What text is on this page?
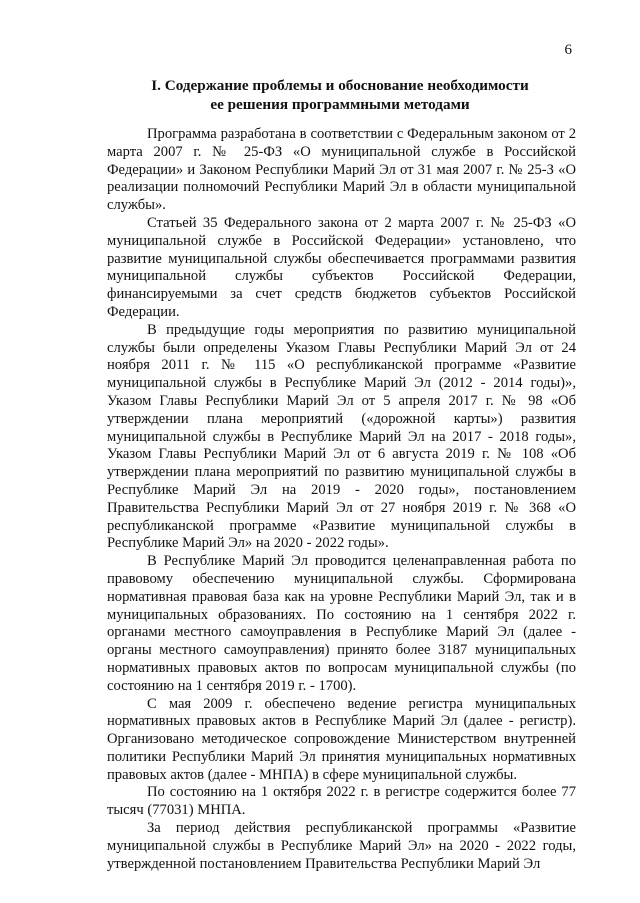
6
I. Содержание проблемы и обоснование необходимости
ее решения программными методами

Программа разработана в соответствии с Федеральным законом от 2 марта 2007 г. № 25-ФЗ «О муниципальной службе в Российской Федерации» и Законом Республики Марий Эл от 31 мая 2007 г. № 25-З «О реализации полномочий Республики Марий Эл в области муниципальной службы».

Статьей 35 Федерального закона от 2 марта 2007 г. № 25-ФЗ «О муниципальной службе в Российской Федерации» установлено, что развитие муниципальной службы обеспечивается программами развития муниципальной службы субъектов Российской Федерации, финансируемыми за счет средств бюджетов субъектов Российской Федерации.

В предыдущие годы мероприятия по развитию муниципальной службы были определены Указом Главы Республики Марий Эл от 24 ноября 2011 г. № 115 «О республиканской программе «Развитие муниципальной службы в Республике Марий Эл (2012 - 2014 годы)», Указом Главы Республики Марий Эл от 5 апреля 2017 г. № 98 «Об утверждении плана мероприятий («дорожной карты») развития муниципальной службы в Республике Марий Эл на 2017 - 2018 годы», Указом Главы Республики Марий Эл от 6 августа 2019 г. № 108 «Об утверждении плана мероприятий по развитию муниципальной службы в Республике Марий Эл на 2019 - 2020 годы», постановлением Правительства Республики Марий Эл от 27 ноября 2019 г. № 368 «О республиканской программе «Развитие муниципальной службы в Республике Марий Эл» на 2020 - 2022 годы».

В Республике Марий Эл проводится целенаправленная работа по правовому обеспечению муниципальной службы. Сформирована нормативная правовая база как на уровне Республики Марий Эл, так и в муниципальных образованиях. По состоянию на 1 сентября 2022 г. органами местного самоуправления в Республике Марий Эл (далее - органы местного самоуправления) принято более 3187 муниципальных нормативных правовых актов по вопросам муниципальной службы (по состоянию на 1 сентября 2019 г. - 1700).

С мая 2009 г. обеспечено ведение регистра муниципальных нормативных правовых актов в Республике Марий Эл (далее - регистр). Организовано методическое сопровождение Министерством внутренней политики Республики Марий Эл принятия муниципальных нормативных правовых актов (далее - МНПА) в сфере муниципальной службы.

По состоянию на 1 октября 2022 г. в регистре содержится более 77 тысяч (77031) МНПА.

За период действия республиканской программы «Развитие муниципальной службы в Республике Марий Эл» на 2020 - 2022 годы, утвержденной постановлением Правительства Республики Марий Эл
